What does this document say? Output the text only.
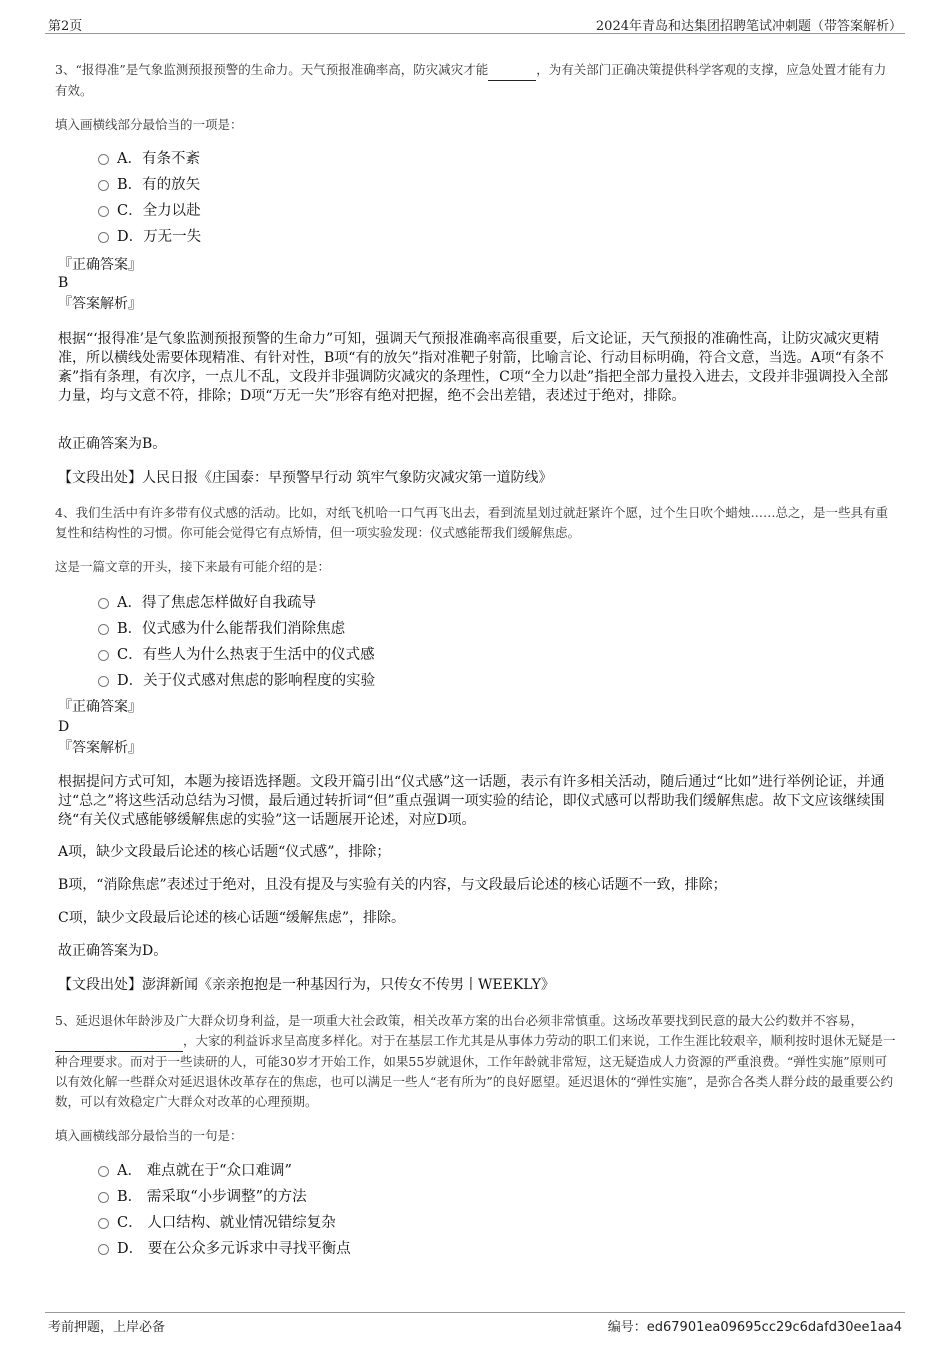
第2页	2024年青岛和达集团招聘笔试冲刺题（带答案解析）
3、“报得准”是气象监测预报预警的生命力。天气预报准确率高，防灾减灾才能	，为有关部门正确决策提供科学客观的支撑，应急处置才能有力有效。
填入画横线部分最恰当的一项是：
A．有条不紊
B．有的放矢
C．全力以赴
D．万无一失
『正确答案』
B
『答案解析』
根据“‘报得准’是气象监测预报预警的生命力”可知，强调天气预报准确率高很重要，后文论证，天气预报的准确性高，让防灾减灾更精准，所以横线处需要体现精准、有针对性，B项“有的放矢”指对准靶子射箭，比喻言论、行动目标明确，符合文意，当选。A项“有条不紊”指有条理，有次序，一点儿不乱，文段并非强调防灾减灾的条理性，C项“全力以赴”指把全部力量投入进去，文段并非强调投入全部力量，均与文意不符，排除；D项“万无一失”形容有绝对把握，绝不会出差错，表述过于绝对，排除。
故正确答案为B。
【文段出处】人民日报《庄国泰：早预警早行动 筑牢气象防灾减灾第一道防线》
4、我们生活中有许多带有仪式感的活动。比如，对纸飞机哈一口气再飞出去，看到流星划过就赶紧许个愿，过个生日吹个蜡烛……总之，是一些具有重复性和结构性的习惯。你可能会觉得它有点矫情，但一项实验发现：仪式感能帮我们缓解焦虑。
这是一篇文章的开头，接下来最有可能介绍的是：
A．得了焦虑怎样做好自我疏导
B．仪式感为什么能帮我们消除焦虑
C．有些人为什么热衷于生活中的仪式感
D．关于仪式感对焦虑的影响程度的实验
『正确答案』
D
『答案解析』
根据提问方式可知，本题为接语选择题。文段开篇引出“仪式感”这一话题，表示有许多相关活动，随后通过“比如”进行举例论证，并通过“总之”将这些活动总结为习惯，最后通过转折词“但”重点强调一项实验的结论，即仪式感可以帮助我们缓解焦虑。故下文应该继续围绕“有关仪式感能够缓解焦虑的实验”这一话题展开论述，对应D项。
A项，缺少文段最后论述的核心话题“仪式感”，排除；
B项，“消除焦虑”表述过于绝对，且没有提及与实验有关的内容，与文段最后论述的核心话题不一致，排除；
C项，缺少文段最后论述的核心话题“缓解焦虑”，排除。
故正确答案为D。
【文段出处】澎湃新闻《亲亲抱抱是一种基因行为，只传女不传男丨WEEKLY》
5、延迟退休年龄涉及广大群众切身利益，是一项重大社会政策，相关改革方案的出台必须非常慎重。这场改革要找到民意的最大公约数并不容易， ，大家的利益诉求呈高度多样化。对于在基层工作尤其是从事体力劳动的职工们来说，工作生涯比较艰辛，顺利按时退休无疑是一种合理要求。而对于一些读研的人，可能30岁才开始工作，如果55岁就退休，工作年龄就非常短，这无疑造成人力资源的严重浪费。“弹性实施”原则可以有效化解一些群众对延迟退休改革存在的焦虑，也可以满足一些人“老有所为”的良好愿望。延迟退休的“弹性实施”，是弥合各类人群分歧的最重要公约数，可以有效稳定广大群众对改革的心理预期。
填入画横线部分最恰当的一句是：
A． 难点就在于“众口难调”
B． 需采取“小步调整”的方法
C． 人口结构、就业情况错综复杂
D． 要在公众多元诉求中寻找平衡点
考前押题，上岸必备	编号：ed67901ea09695cc29c6dafd30ee1aa4
